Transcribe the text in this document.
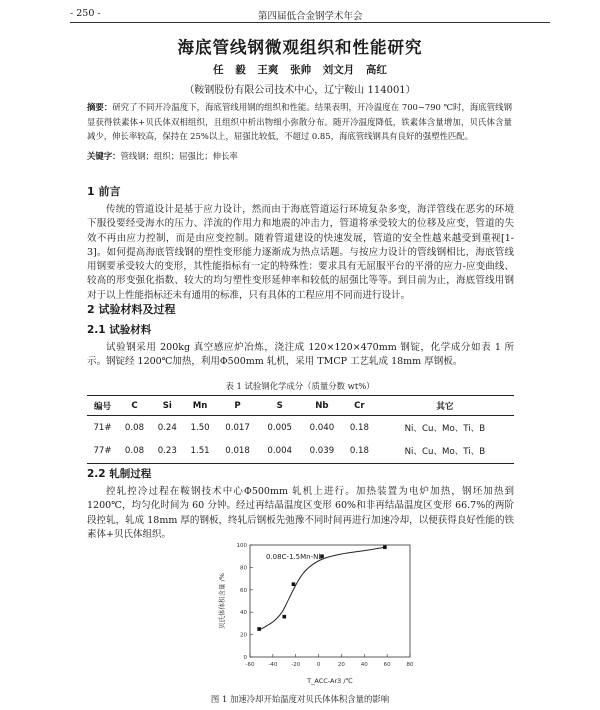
- 250 -	第四届低合金钢学术年会
海底管线钢微观组织和性能研究
任 毅 王爽 张帅 刘文月 高红
（鞍钢股份有限公司技术中心，辽宁鞍山 114001）
摘要：研究了不同开冷温度下，海底管线用钢的组织和性能。结果表明，开冷温度在 700~790 ℃时，海底管线钢显获得铁素体+贝氏体双相组织，且组织中析出物细小弥散分布。随开冷温度降低，铁素体含量增加，贝氏体含量减少，伸长率较高，保持在 25%以上，屈强比较低，不超过 0.85，海底管线钢具有良好的强塑性匹配。
关键字：管线钢；组织；屈强比；伸长率
1 前言
传统的管道设计是基于应力设计，然而由于海底管道运行环境复杂多变，海洋管线在恶劣的环境下服役要经受海水的压力、洋流的作用力和地震的冲击力，管道将承受较大的位移及应变，管道的失效不再由应力控制，而是由应变控制。随着管道建设的快速发展，管道的安全性越来越受到重视[1-3]。如何提高海底管线钢的塑性变形能力逐渐成为热点话题。与按应力设计的管线钢相比，海底管线用钢要承受较大的变形，其性能指标有一定的特殊性：要求具有无屈服平台的平滑的应力-应变曲线、较高的形变强化指数、较大的均匀塑性变形延伸率和较低的屈强比等等。到目前为止，海底管线用钢对于以上性能指标还未有通用的标准，只有具体的工程应用不同而进行设计。
2 试验材料及过程
2.1 试验材料
试验钢采用 200kg 真空感应炉冶炼，浇注成 120×120×470mm 钢锭，化学成分如表 1 所示。钢锭经 1200℃加热，利用Φ500mm 轧机，采用 TMCP 工艺轧成 18mm 厚钢板。
表 1 试验钢化学成分（质量分数 wt%）
编号	C	Si	Mn	P	S	Nb	Cr	其它
71#	0.08	0.24	1.50	0.017	0.005	0.040	0.18	Ni、Cu、Mo、Ti、B
77#	0.08	0.23	1.51	0.018	0.004	0.039	0.18	Ni、Cu、Mo、Ti、B
2.2 轧制过程
控轧控冷过程在鞍钢技术中心Φ500mm 轧机上进行。加热装置为电炉加热，钢坯加热到 1200℃，均匀化时间为 60 分钟。经过再结晶温度区变形 60%和非再结晶温度区变形 66.7%的两阶段控轧，轧成 18mm 厚的钢板，终轧后钢板先弛豫不同时间再进行加速冷却，以便获得良好性能的铁素体+贝氏体组织。
-60	-40	-20	0	20	40	60	80
0
20
40
60
80
100
0.08C-1.5Mn-Nb
T_ACC-Ar3 /℃
贝氏体体积含量 /%
图 1 加速冷却开始温度对贝氏体体积含量的影响
